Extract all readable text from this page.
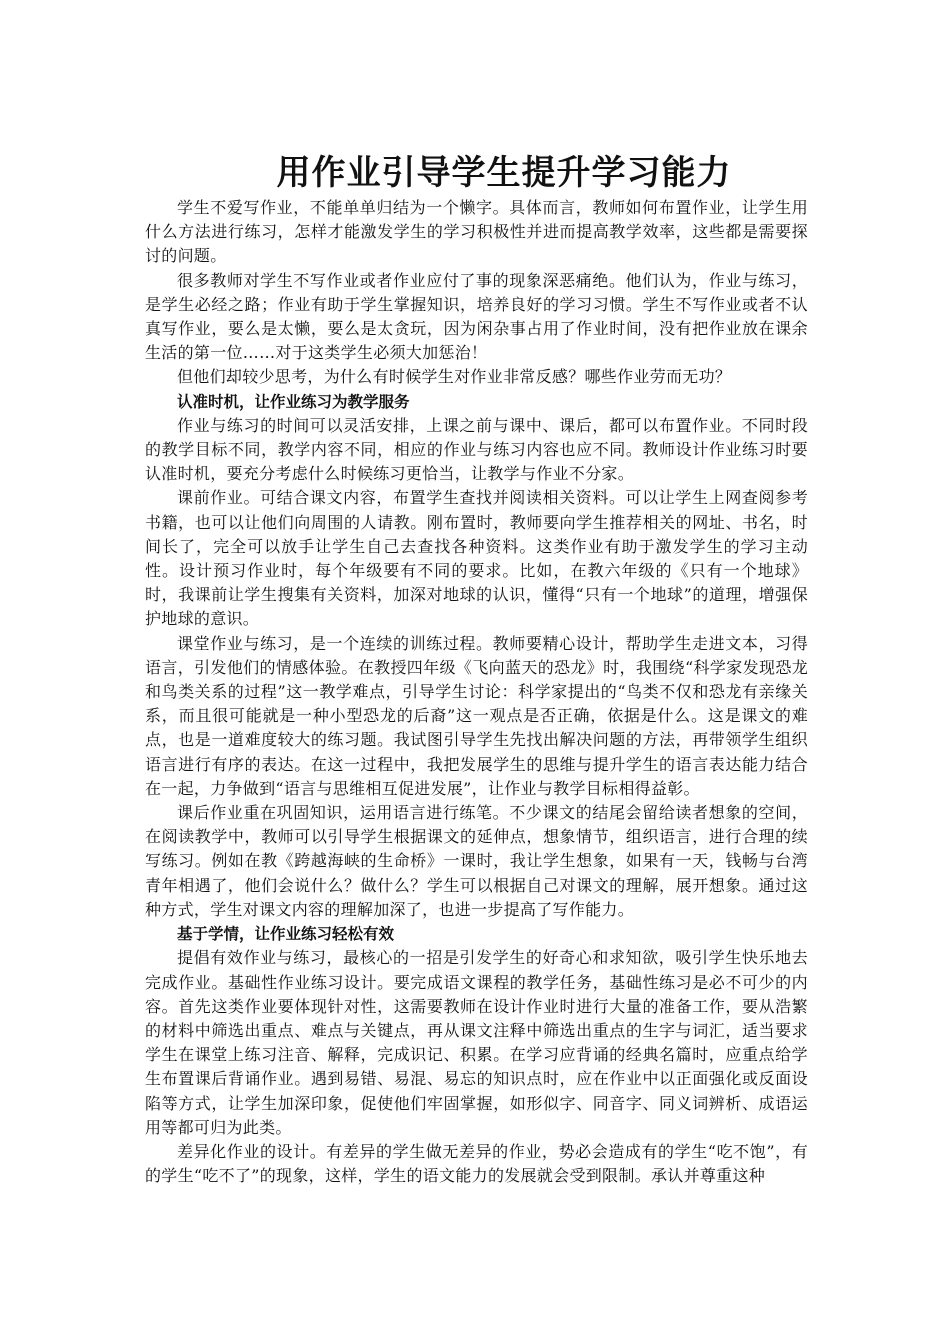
用作业引导学生提升学习能力

学生不爱写作业，不能单单归结为一个懒字。具体而言，教师如何布置作业，让学生用什么方法进行练习，怎样才能激发学生的学习积极性并进而提高教学效率，这些都是需要探讨的问题。

很多教师对学生不写作业或者作业应付了事的现象深恶痛绝。他们认为，作业与练习，是学生必经之路；作业有助于学生掌握知识，培养良好的学习习惯。学生不写作业或者不认真写作业，要么是太懒，要么是太贪玩，因为闲杂事占用了作业时间，没有把作业放在课余生活的第一位……对于这类学生必须大加惩治！

但他们却较少思考，为什么有时候学生对作业非常反感？哪些作业劳而无功？

认准时机，让作业练习为教学服务

作业与练习的时间可以灵活安排，上课之前与课中、课后，都可以布置作业。不同时段的教学目标不同，教学内容不同，相应的作业与练习内容也应不同。教师设计作业练习时要认准时机，要充分考虑什么时候练习更恰当，让教学与作业不分家。

课前作业。可结合课文内容，布置学生查找并阅读相关资料。可以让学生上网查阅参考书籍，也可以让他们向周围的人请教。刚布置时，教师要向学生推荐相关的网址、书名，时间长了，完全可以放手让学生自己去查找各种资料。这类作业有助于激发学生的学习主动性。设计预习作业时，每个年级要有不同的要求。比如，在教六年级的《只有一个地球》时，我课前让学生搜集有关资料，加深对地球的认识，懂得“只有一个地球”的道理，增强保护地球的意识。

课堂作业与练习，是一个连续的训练过程。教师要精心设计，帮助学生走进文本，习得语言，引发他们的情感体验。在教授四年级《飞向蓝天的恐龙》时，我围绕“科学家发现恐龙和鸟类关系的过程”这一教学难点，引导学生讨论：科学家提出的“鸟类不仅和恐龙有亲缘关系，而且很可能就是一种小型恐龙的后裔”这一观点是否正确，依据是什么。这是课文的难点，也是一道难度较大的练习题。我试图引导学生先找出解决问题的方法，再带领学生组织语言进行有序的表达。在这一过程中，我把发展学生的思维与提升学生的语言表达能力结合在一起，力争做到“语言与思维相互促进发展”，让作业与教学目标相得益彰。

课后作业重在巩固知识，运用语言进行练笔。不少课文的结尾会留给读者想象的空间，在阅读教学中，教师可以引导学生根据课文的延伸点，想象情节，组织语言，进行合理的续写练习。例如在教《跨越海峡的生命桥》一课时，我让学生想象，如果有一天，钱畅与台湾青年相遇了，他们会说什么？做什么？学生可以根据自己对课文的理解，展开想象。通过这种方式，学生对课文内容的理解加深了，也进一步提高了写作能力。

基于学情，让作业练习轻松有效

提倡有效作业与练习，最核心的一招是引发学生的好奇心和求知欲，吸引学生快乐地去完成作业。基础性作业练习设计。要完成语文课程的教学任务，基础性练习是必不可少的内容。首先这类作业要体现针对性，这需要教师在设计作业时进行大量的准备工作，要从浩繁的材料中筛选出重点、难点与关键点，再从课文注释中筛选出重点的生字与词汇，适当要求学生在课堂上练习注音、解释，完成识记、积累。在学习应背诵的经典名篇时，应重点给学生布置课后背诵作业。遇到易错、易混、易忘的知识点时，应在作业中以正面强化或反面设陷等方式，让学生加深印象，促使他们牢固掌握，如形似字、同音字、同义词辨析、成语运用等都可归为此类。

差异化作业的设计。有差异的学生做无差异的作业，势必会造成有的学生“吃不饱”，有的学生“吃不了”的现象，这样，学生的语文能力的发展就会受到限制。承认并尊重这种
